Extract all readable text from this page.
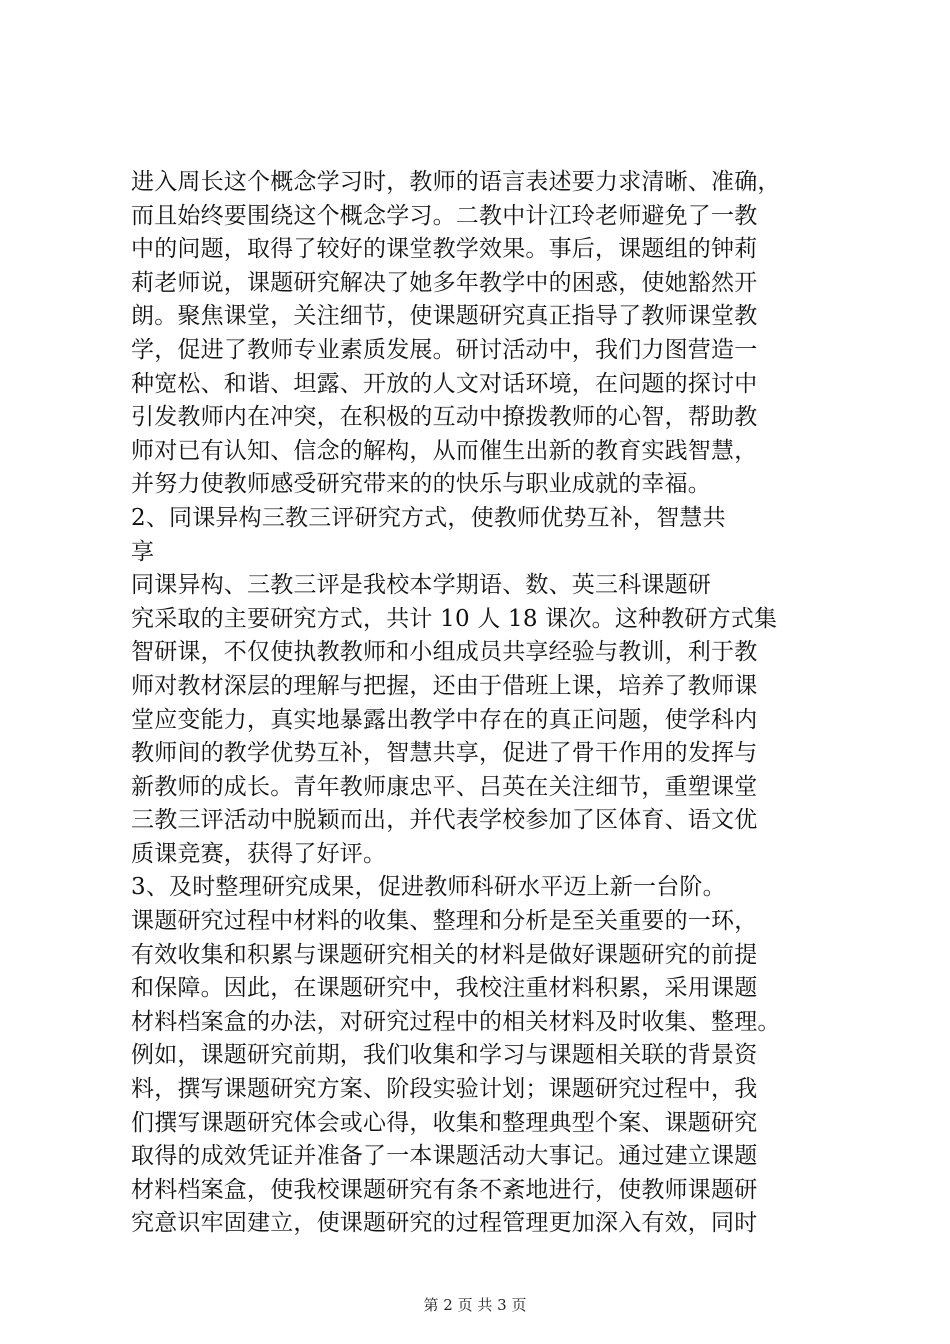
进入周长这个概念学习时，教师的语言表述要力求清晰、准确，
而且始终要围绕这个概念学习。二教中计江玲老师避免了一教
中的问题，取得了较好的课堂教学效果。事后，课题组的钟莉
莉老师说，课题研究解决了她多年教学中的困惑，使她豁然开
朗。聚焦课堂，关注细节，使课题研究真正指导了教师课堂教
学，促进了教师专业素质发展。研讨活动中，我们力图营造一
种宽松、和谐、坦露、开放的人文对话环境，在问题的探讨中
引发教师内在冲突，在积极的互动中撩拨教师的心智，帮助教
师对已有认知、信念的解构，从而催生出新的教育实践智慧，
并努力使教师感受研究带来的的快乐与职业成就的幸福。
2、同课异构三教三评研究方式，使教师优势互补，智慧共
享
同课异构、三教三评是我校本学期语、数、英三科课题研
究采取的主要研究方式，共计 10 人 18 课次。这种教研方式集
智研课，不仅使执教教师和小组成员共享经验与教训，利于教
师对教材深层的理解与把握，还由于借班上课，培养了教师课
堂应变能力，真实地暴露出教学中存在的真正问题，使学科内
教师间的教学优势互补，智慧共享，促进了骨干作用的发挥与
新教师的成长。青年教师康忠平、吕英在关注细节，重塑课堂
三教三评活动中脱颖而出，并代表学校参加了区体育、语文优
质课竞赛，获得了好评。
3、及时整理研究成果，促进教师科研水平迈上新一台阶。
课题研究过程中材料的收集、整理和分析是至关重要的一环，
有效收集和积累与课题研究相关的材料是做好课题研究的前提
和保障。因此，在课题研究中，我校注重材料积累，采用课题
材料档案盒的办法，对研究过程中的相关材料及时收集、整理。
例如，课题研究前期，我们收集和学习与课题相关联的背景资
料，撰写课题研究方案、阶段实验计划；课题研究过程中，我
们撰写课题研究体会或心得，收集和整理典型个案、课题研究
取得的成效凭证并准备了一本课题活动大事记。通过建立课题
材料档案盒，使我校课题研究有条不紊地进行，使教师课题研
究意识牢固建立，使课题研究的过程管理更加深入有效，同时
第 2 页 共 3 页
